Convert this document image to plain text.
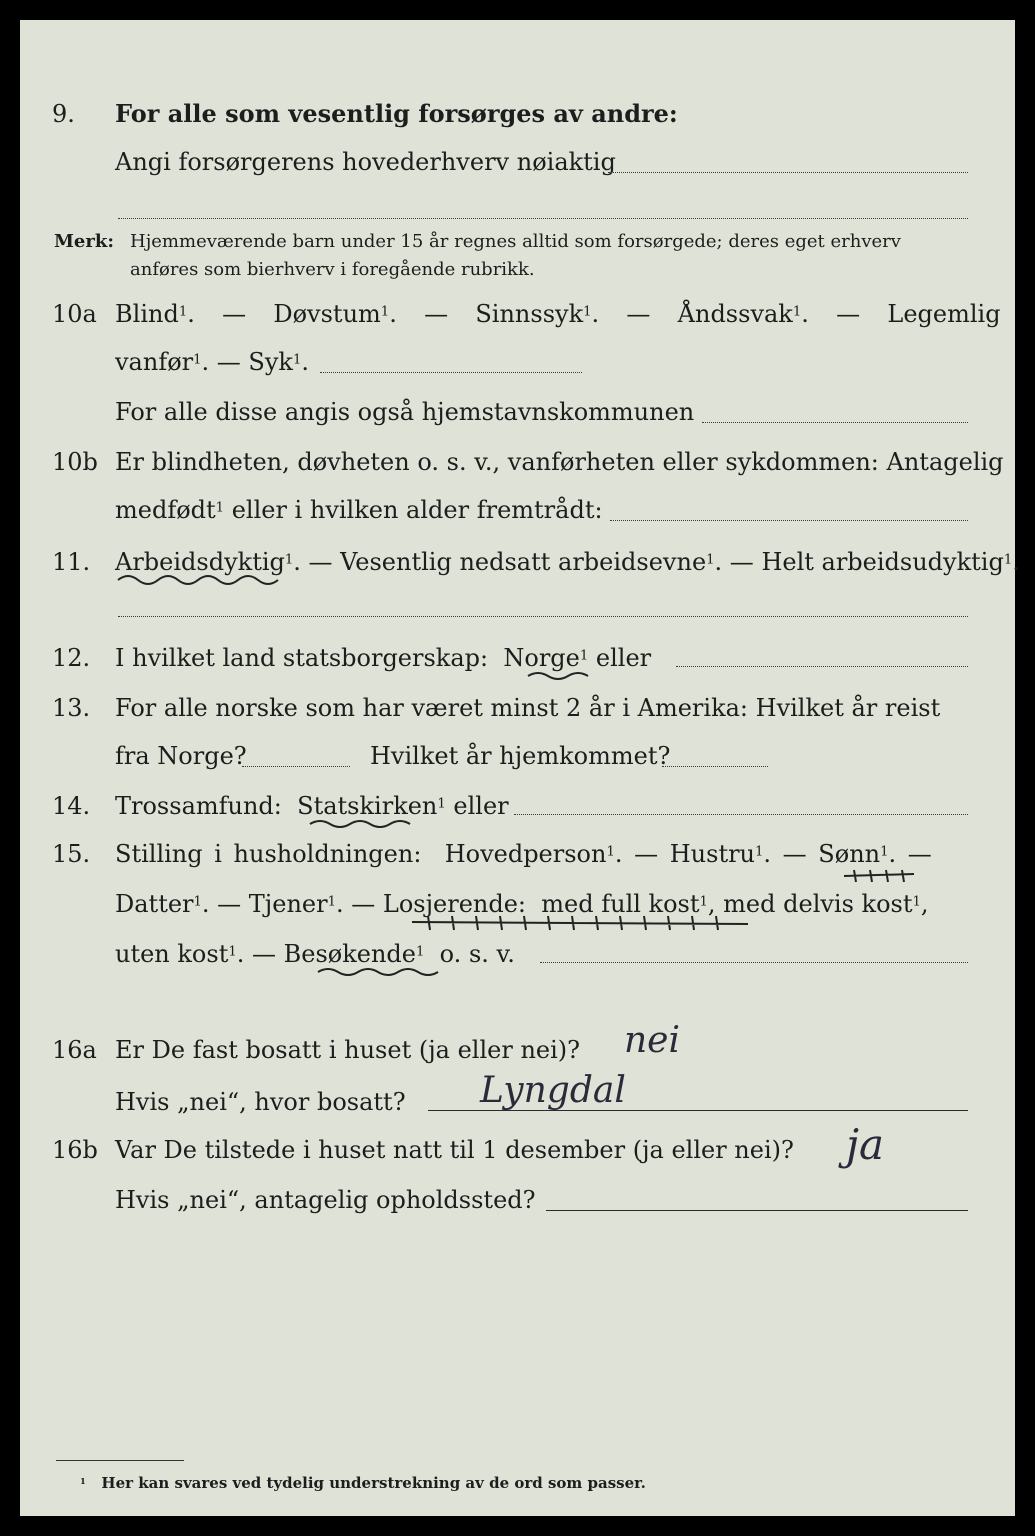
9. For alle som vesentlig forsørges av andre:
Angi forsørgerens hovederhverv nøiaktig
Merk: Hjemmeværende barn under 15 år regnes alltid som forsørgede; deres eget erhverv
anføres som bierhverv i foregående rubrikk.
10a Blind$^1$.  —  Døvstum$^1$.  —  Sinnssyk$^1$.  —  Åndssvak$^1$.  —  Legemlig
vanfør$^1$. — Syk$^1$.
For alle disse angis også hjemstavnskommunen
10b Er blindheten, døvheten o. s. v., vanførheten eller sykdommen: Antagelig
medfødt$^1$ eller i hvilken alder fremtrådt:
11. Arbeidsdyktig$^1$. — Vesentlig nedsatt arbeidsevne$^1$. — Helt arbeidsudyktig$^1$.
12. I hvilket land statsborgerskap: Norge$^1$ eller
13. For alle norske som har været minst 2 år i Amerika: Hvilket år reist
fra Norge?	Hvilket år hjemkommet?
14. Trossamfund: Statskirken$^1$ eller
15. Stilling i husholdningen: Hovedperson$^1$. — Hustru$^1$. — Sønn$^1$. —
Datter$^1$. — Tjener$^1$. — Losjerende: med full kost$^1$, med delvis kost$^1$,
uten kost$^1$. — Besøkende$^1$ o. s. v.
16a Er De fast bosatt i huset (ja eller nei)? nei
Hvis „nei“, hvor bosatt? Lyngdal
16b Var De tilstede i huset natt til 1 desember (ja eller nei)? ja
Hvis „nei“, antagelig opholdssted?
$^1$ Her kan svares ved tydelig understrekning av de ord som passer.
